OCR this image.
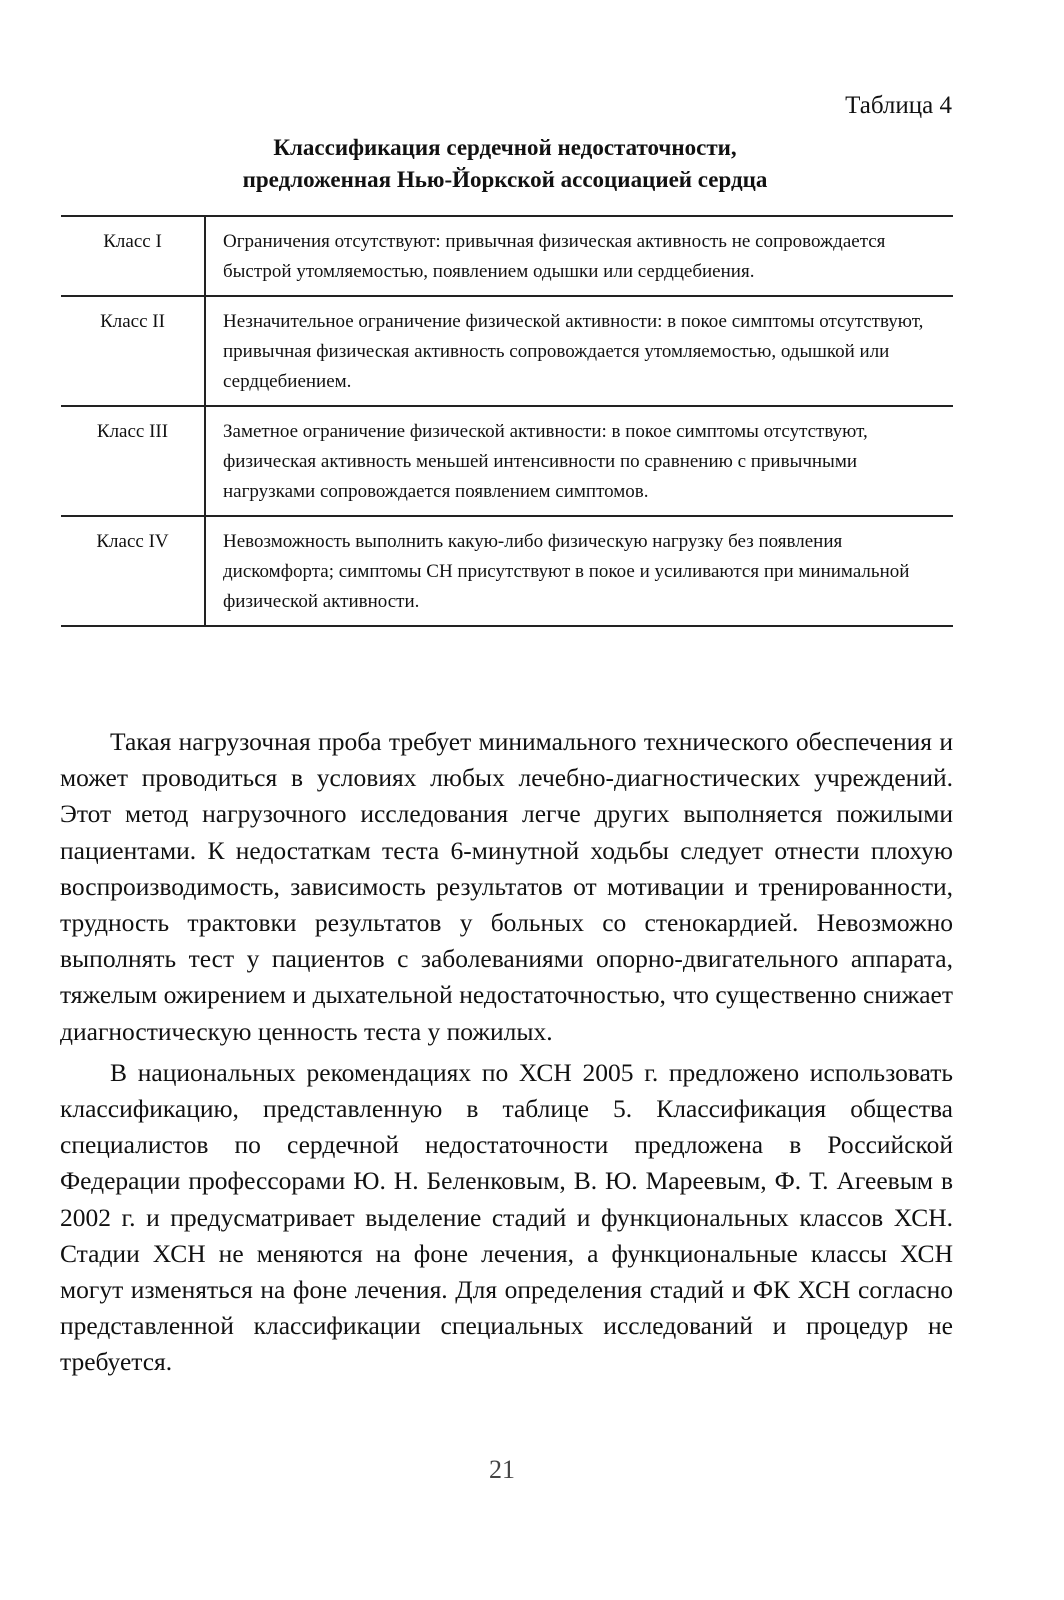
Таблица 4
Классификация сердечной недостаточности,
предложенная Нью-Йоркской ассоциацией сердца
Класс I	Ограничения отсутствуют: привычная физическая активность не сопровождается быстрой утомляемостью, появлением одышки или сердцебиения.
Класс II	Незначительное ограничение физической активности: в покое симптомы отсутствуют, привычная физическая активность сопровождается утомляемостью, одышкой или сердцебиением.
Класс III	Заметное ограничение физической активности: в покое симптомы отсутствуют, физическая активность меньшей интенсивности по сравнению с привычными нагрузками сопровождается появлением симптомов.
Класс IV	Невозможность выполнить какую-либо физическую нагрузку без появления дискомфорта; симптомы СН присутствуют в покое и усиливаются при минимальной физической активности.

Такая нагрузочная проба требует минимального технического обеспечения и может проводиться в условиях любых лечебно-диагностических учреждений. Этот метод нагрузочного исследования легче других выполняется пожилыми пациентами. К недостаткам теста 6-минутной ходьбы следует отнести плохую воспроизводимость, зависимость результатов от мотивации и тренированности, трудность трактовки результатов у больных со стенокардией. Невозможно выполнять тест у пациентов с заболеваниями опорно-двигательного аппарата, тяжелым ожирением и дыхательной недостаточностью, что существенно снижает диагностическую ценность теста у пожилых.

В национальных рекомендациях по ХСН 2005 г. предложено использовать классификацию, представленную в таблице 5. Классификация общества специалистов по сердечной недостаточности предложена в Российской Федерации профессорами Ю. Н. Беленковым, В. Ю. Мареевым, Ф. Т. Агеевым в 2002 г. и предусматривает выделение стадий и функциональных классов ХСН. Стадии ХСН не меняются на фоне лечения, а функциональные классы ХСН могут изменяться на фоне лечения. Для определения стадий и ФК ХСН согласно представленной классификации специальных исследований и процедур не требуется.

21
